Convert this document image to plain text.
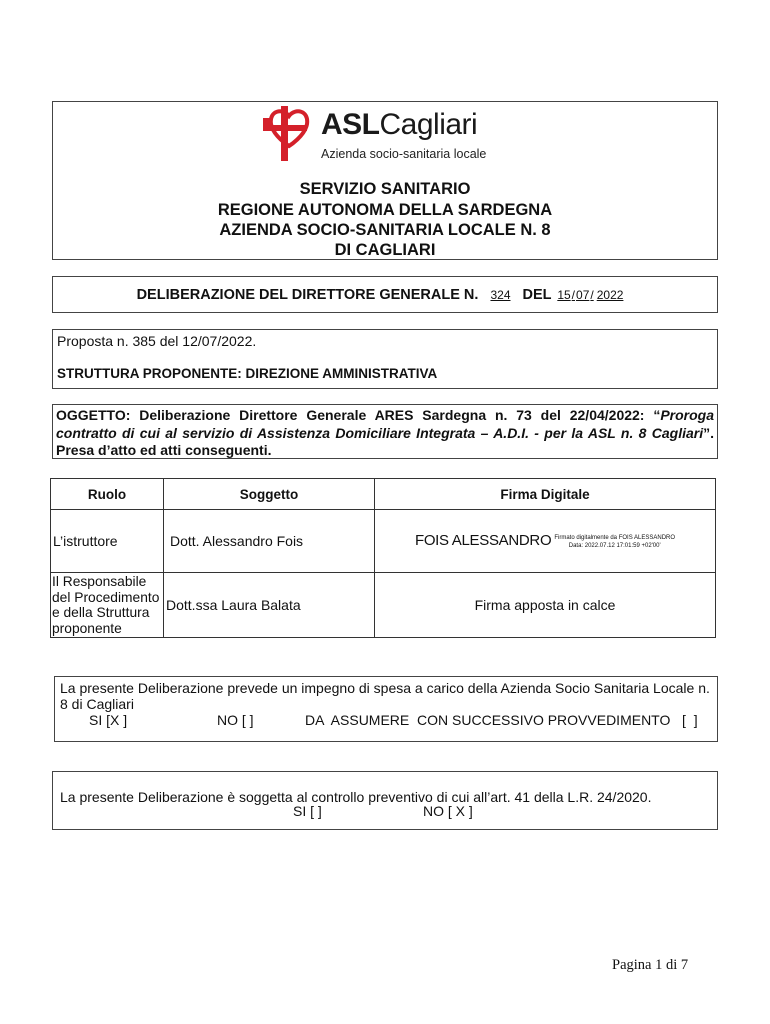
ASLCagliari
Azienda socio-sanitaria locale
SERVIZIO SANITARIO
REGIONE AUTONOMA DELLA SARDEGNA
AZIENDA SOCIO-SANITARIA LOCALE N. 8
DI CAGLIARI
DELIBERAZIONE DEL DIRETTORE GENERALE N. 324 DEL 15/07/ 2022
Proposta n. 385 del 12/07/2022.
STRUTTURA PROPONENTE: DIREZIONE AMMINISTRATIVA
OGGETTO: Deliberazione Direttore Generale ARES Sardegna n. 73 del 22/04/2022: “Proroga contratto di cui al servizio di Assistenza Domiciliare Integrata – A.D.I. - per la ASL n. 8 Cagliari”. Presa d’atto ed atti conseguenti.
Ruolo	Soggetto	Firma Digitale
L’istruttore	Dott. Alessandro Fois	FOIS ALESSANDRO Firmato digitalmente da FOIS ALESSANDRO
Data: 2022.07.12 17:01:59 +02'00'
Il Responsabile del Procedimento e della Struttura proponente	Dott.ssa Laura Balata	Firma apposta in calce
La presente Deliberazione prevede un impegno di spesa a carico della Azienda Socio Sanitaria Locale n. 8 di Cagliari
SI [X ]	NO [ ]	DA  ASSUMERE  CON SUCCESSIVO PROVVEDIMENTO   [  ]
La presente Deliberazione è soggetta al controllo preventivo di cui all’art. 41 della L.R. 24/2020.
SI [ ]	NO [ X ]
Pagina 1 di 7
